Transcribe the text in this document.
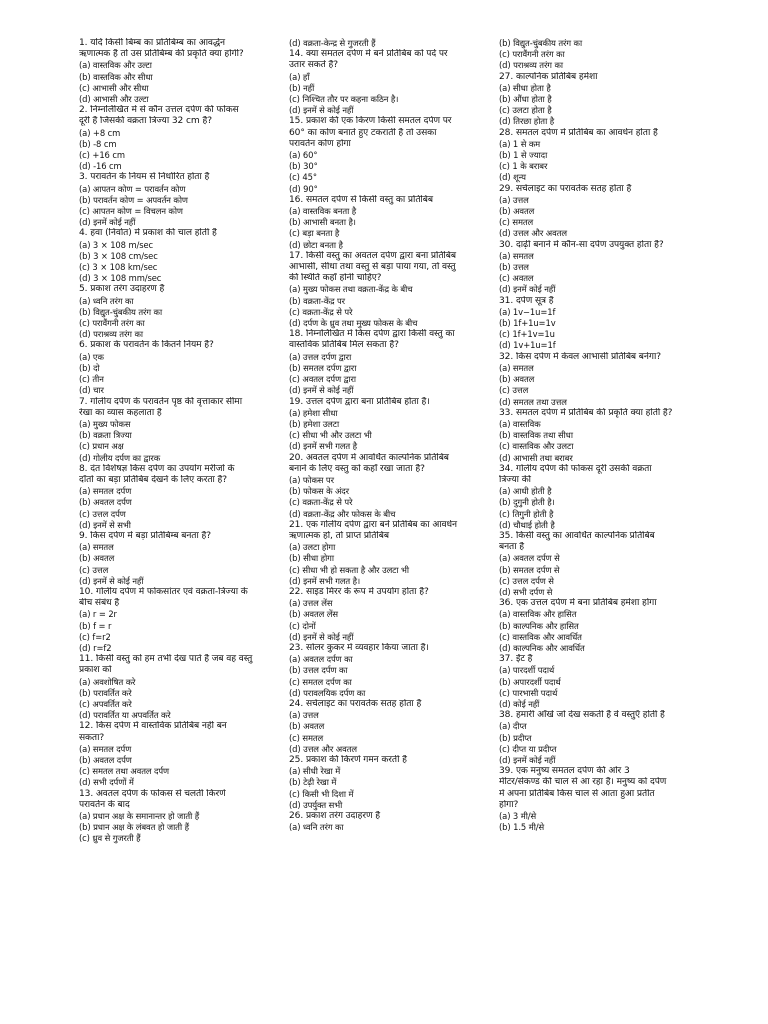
1. यदि किसी बिम्ब का प्रतिबिम्ब का आवर्द्धन
ऋणात्मक है तो उस प्रतिबिम्ब की प्रकृति क्या होगी?
(a) वास्तविक और उल्टा
(b) वास्तविक और सीधा
(c) आभासी और सीधा
(d) आभासी और उल्टा
2. निम्नलिखित में से कौन उत्तल दर्पण की फोकस
दूरी है जिसकी वक्रता त्रिज्या 32 cm है?
(a) +8 cm
(b) -8 cm
(c) +16 cm
(d) -16 cm
3. परावर्तन के नियम से निर्धारित होता है
(a) आपतन कोण = परावर्तन कोण
(b) परावर्तन कोण = अपवर्तन कोण
(c) आपतन कोण = विचलन कोण
(d) इनमें कोई नहीं
4. हवा (निर्वात) में प्रकाश की चाल होती है
(a) 3 × 108 m/sec
(b) 3 × 108 cm/sec
(c) 3 × 108 km/sec
(d) 3 × 108 mm/sec
5. प्रकाश तरंग उदाहरण है
(a) ध्वनि तरंग का
(b) विद्युत-चुंबकीय तरंग का
(c) परावैंगनी तरंग का
(d) पराश्रव्य तरंग का
6. प्रकाश के परावर्तन के कितने नियम हैं?
(a) एक
(b) दो
(c) तीन
(d) चार
7. गोलीय दर्पण के परावर्तन पृष्ठ की वृत्ताकार सीमा
रेखा का व्यास कहलाता है
(a) मुख्य फोकस
(b) वक्रता त्रिज्या
(c) प्रधान अक्ष
(d) गोलीय दर्पण का द्वारक
8. दंत विशेषज्ञ किस दर्पण का उपयोग मरीजों के
दाँतों का बड़ा प्रतिबिंब देखने के लिए करता है?
(a) समतल दर्पण
(b) अवतल दर्पण
(c) उत्तल दर्पण
(d) इनमें से सभी
9. किस दर्पण में बड़ा प्रतिबिम्ब बनता है?
(a) समतल
(b) अवतल
(c) उत्तल
(d) इनमें से कोई नहीं
10. गोलीय दर्पण में फोकसांतर एवं वक्रता-त्रिज्या के
बीच संबंध है
(a) r = 2r
(b) f = r
(c) f=r2
(d) r=f2
11. किसी वस्तु को हम तभी देख पाते हैं जब वह वस्तु
प्रकाश को
(a) अवशोषित करे
(b) परावर्तित करे
(c) अपवर्तित करे
(d) परावर्तित या अपवर्तित करे
12. किस दर्पण में वास्तविक प्रतिबिंब नहीं बन
सकता?
(a) समतल दर्पण
(b) अवतल दर्पण
(c) समतल तथा अवतल दर्पण
(d) सभी दर्पणों में
13. अवतल दर्पण के फोकस से चलती किरणें
परावर्तन के बाद
(a) प्रधान अक्ष के समानान्तर हो जाती हैं
(b) प्रधान अक्ष के लंबवत हो जाती हैं
(c) ध्रुव से गुजरती हैं
(d) वक्रता-केन्द्र से गुजरती हैं
14. क्या समतल दर्पण में बने प्रतिबिंब को पर्दे पर
उतार सकते हैं?
(a) हाँ
(b) नहीं
(c) निश्चित तौर पर कहना कठिन है।
(d) इनमें से कोई नहीं
15. प्रकाश की एक किरण किसी समतल दर्पण पर
60° का कोण बनाते हुए टकराती है तो उसका
परावर्तन कोण होगा
(a) 60°
(b) 30°
(c) 45°
(d) 90°
16. समतल दर्पण से किसी वस्तु का प्रतिबिंब
(a) वास्तविक बनता है
(b) आभासी बनता है।
(c) बड़ा बनता है
(d) छोटा बनता है
17. किसी वस्तु का अवतल दर्पण द्वारा बना प्रतिबिंब
आभासी, सीधा तथा वस्तु से बड़ा पाया गया, तो वस्तु
की स्थिति कहाँ होनी चाहिए?
(a) मुख्य फोकस तथा वक्रता-केंद्र के बीच
(b) वक्रता-केंद्र पर
(c) वक्रता-केंद्र से परे
(d) दर्पण के ध्रुव तथा मुख्य फोकस के बीच
18. निम्नलिखित में किस दर्पण द्वारा किसी वस्तु का
वास्तविक प्रतिबिंब मिल सकता है?
(a) उत्तल दर्पण द्वारा
(b) समतल दर्पण द्वारा
(c) अवतल दर्पण द्वारा
(d) इनमें से कोई नहीं
19. उत्तल दर्पण द्वारा बना प्रतिबिंब होता है।
(a) हमेशा सीधा
(b) हमेशा उलटा
(c) सीधा भी और उलटा भी
(d) इनमें सभी गलत है
20. अवतल दर्पण में आवर्धित काल्पनिक प्रतिबिंब
बनाने के लिए वस्तु को कहाँ रखा जाता है?
(a) फोकस पर
(b) फोकस के अंदर
(c) वक्रता-केंद्र से परे
(d) वक्रता-केंद्र और फोकस के बीच
21. एक गोलीय दर्पण द्वारा बने प्रतिबिंब का आवर्धन
ऋणात्मक हो, तो प्राप्त प्रतिबिंब
(a) उलटा होगा
(b) सीधा होगा
(c) सीधा भी हो सकता है और उलटा भी
(d) इनमें सभी गलत है।
22. साइड मिरर के रूप में उपयोग होता है?
(a) उत्तल लेंस
(b) अवतल लेंस
(c) दोनों
(d) इनमें से कोई नहीं
23. सोलर कुकर में व्यवहार किया जाता है।
(a) अवतल दर्पण का
(b) उत्तल दर्पण का
(c) समतल दर्पण का
(d) परावलयिक दर्पण का
24. सर्चलाइट का परावर्तक सतह होता है
(a) उत्तल
(b) अवतल
(c) समतल
(d) उत्तल और अवतल
25. प्रकाश की किरणें गमन करती हैं
(a) सीधी रेखा में
(b) टेढ़ी रेखा में
(c) किसी भी दिशा में
(d) उपर्युक्त सभी
26. प्रकाश तरंग उदाहरण है
(a) ध्वनि तरंग का
(b) विद्युत-चुंबकीय तरंग का
(c) परावैंगनी तरंग का
(d) पराश्रव्य तरंग का
27. काल्पनिक प्रतिबिंब हमेशा
(a) सीधा होता है
(b) औंधा होता है
(c) उलटा होता है
(d) तिरछा होता है
28. समतल दर्पण में प्रतिबिंब का आवर्धन होता है
(a) 1 से कम
(b) 1 से ज्यादा
(c) 1 के बराबर
(d) शून्य
29. सर्चलाइट का परावर्तक सतह होता है
(a) उत्तल
(b) अवतल
(c) समतल
(d) उत्तल और अवतल
30. दाढ़ी बनाने में कौन-सा दर्पण उपयुक्त होता है?
(a) समतल
(b) उत्तल
(c) अवतल
(d) इनमें कोई नहीं
31. दर्पण सूत्र है
(a) 1v−1u=1f
(b) 1f+1u=1v
(c) 1f+1v=1u
(d) 1v+1u=1f
32. किस दर्पण में केवल आभासी प्रतिबिंब बनेगा?
(a) समतल
(b) अवतल
(c) उत्तल
(d) समतल तथा उत्तल
33. समतल दर्पण में प्रतिबिंब की प्रकृति क्या होती है?
(a) वास्तविक
(b) वास्तविक तथा सीधा
(c) वास्तविक और उलटा
(d) आभासी तथा बराबर
34. गोलीय दर्पण की फोकस दूरी उसकी वक्रता
त्रिज्या की
(a) आधी होती है
(b) दुगुनी होती है।
(c) तिगुनी होती है
(d) चौथाई होती है
35. किसी वस्तु का आवर्धित काल्पनिक प्रतिबिंब
बनता है
(a) अवतल दर्पण से
(b) समतल दर्पण से
(c) उत्तल दर्पण से
(d) सभी दर्पण से
36. एक उत्तल दर्पण में बना प्रतिबिंब हमेशा होगा
(a) वास्तविक और हासित
(b) काल्पनिक और हासित
(c) वास्तविक और आवर्धित
(d) काल्पनिक और आवर्धित
37. ईंट है
(a) पारदर्शी पदार्थ
(b) अपारदर्शी पदार्थ
(c) पारभासी पदार्थ
(d) कोई नहीं
38. हमारी आँखें जो देख सकती है वे वस्तुएँ होती है
(a) दीप्त
(b) प्रदीप्त
(c) दीप्त या प्रदीप्त
(d) इनमें कोई नहीं
39. एक मनुष्य समतल दर्पण की ओर 3
मीटर/सेकण्ड की चाल से आ रहा है। मनुष्य को दर्पण
में अपना प्रतिबिंब किस चाल से आता हुआ प्रतीत
होगा?
(a) 3 मी/से
(b) 1.5 मी/से
